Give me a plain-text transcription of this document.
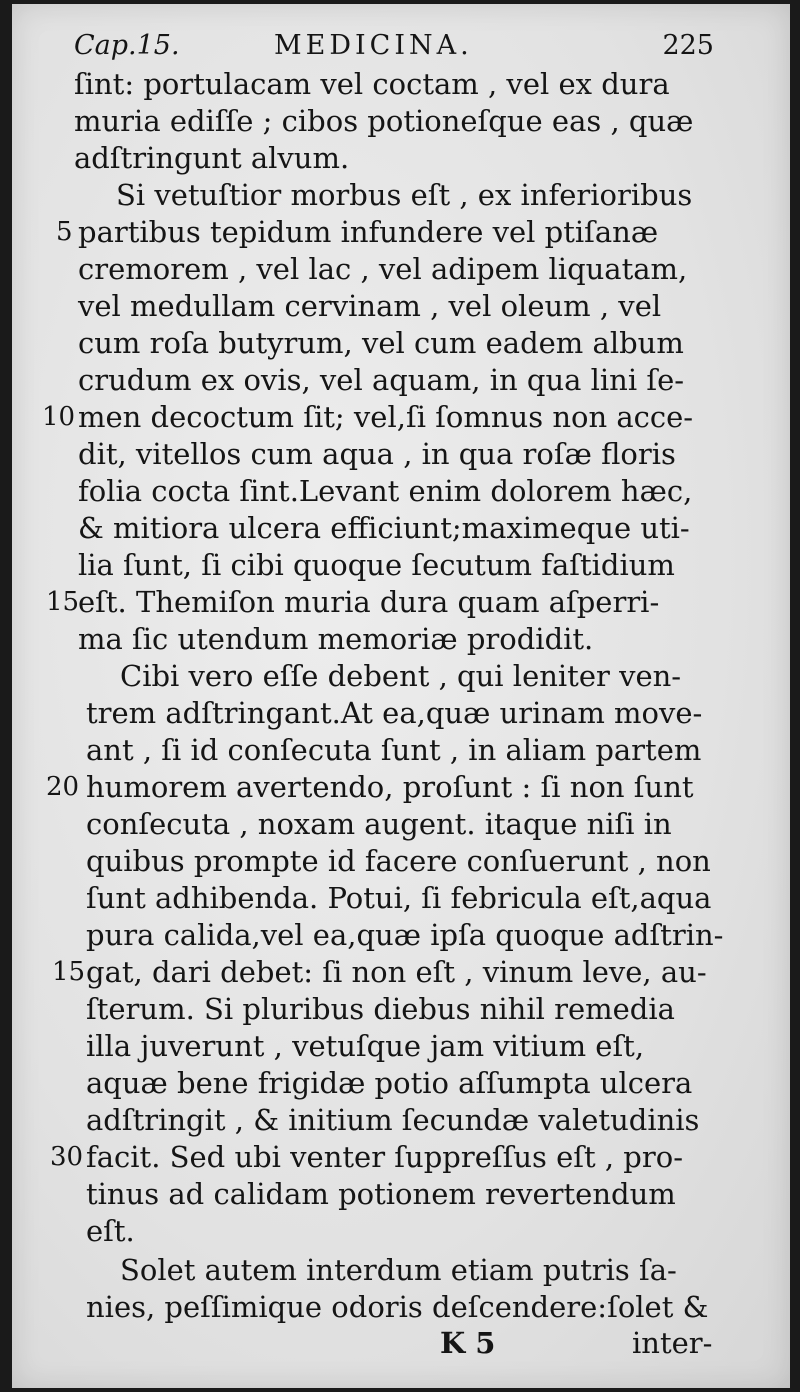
Cap.15.	MEDICINA.	225
ſint: portulacam vel coctam , vel ex dura
muria ediſſe ; cibos potioneſque eas , quæ
adſtringunt alvum.
Si vetuſtior morbus eſt , ex inferioribus
partibus tepidum infundere vel ptiſanæ
cremorem , vel lac , vel adipem liquatam,
vel medullam cervinam , vel oleum , vel
cum roſa butyrum, vel cum eadem album
crudum ex ovis, vel aquam, in qua lini ſe-
men decoctum ſit; vel,ſi ſomnus non acce-
dit, vitellos cum aqua , in qua roſæ floris
folia cocta ſint.Levant enim dolorem hæc,
& mitiora ulcera efficiunt;maximeque uti-
lia ſunt, ſi cibi quoque ſecutum faſtidium
eſt. Themiſon muria dura quam aſperri-
ma ſic utendum memoriæ prodidit.
Cibi vero eſſe debent , qui leniter ven-
trem adſtringant.At ea,quæ urinam move-
ant , ſi id conſecuta ſunt , in aliam partem
humorem avertendo, proſunt : ſi non ſunt
conſecuta , noxam augent. itaque niſi in
quibus prompte id facere conſuerunt , non
ſunt adhibenda. Potui, ſi febricula eſt,aqua
pura calida,vel ea,quæ ipſa quoque adſtrin-
gat, dari debet: ſi non eſt , vinum leve, au-
ſterum. Si pluribus diebus nihil remedia
illa juverunt , vetuſque jam vitium eſt,
aquæ bene frigidæ potio aſſumpta ulcera
adſtringit , & initium ſecundæ valetudinis
facit. Sed ubi venter ſuppreſſus eſt , pro-
tinus ad calidam potionem revertendum
eſt.
Solet autem interdum etiam putris ſa-
nies, peſſimique odoris deſcendere:ſolet &
5
10
15
20
15
30
K 5	inter-
